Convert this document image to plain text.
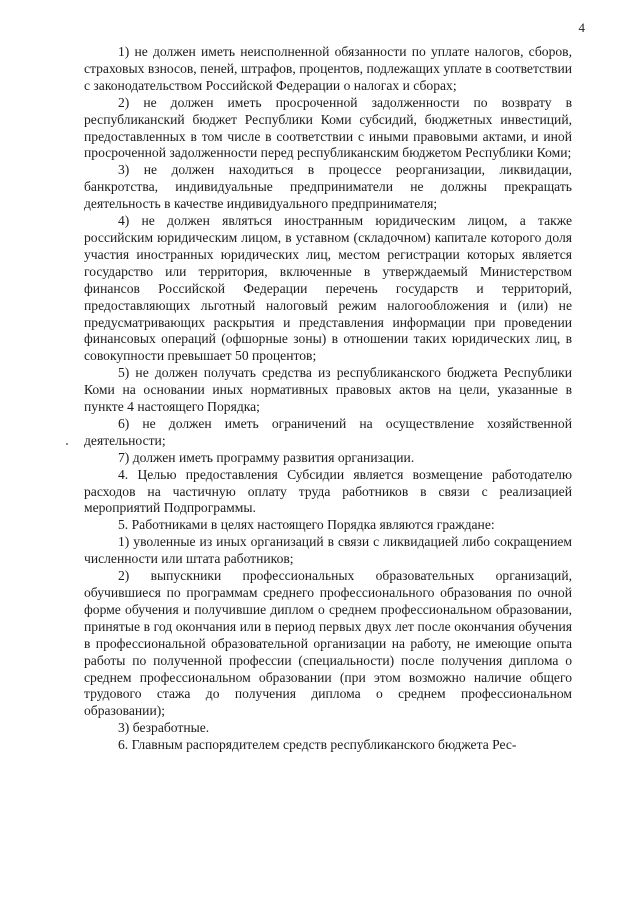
4

1) не должен иметь неисполненной обязанности по уплате налогов, сборов, страховых взносов, пеней, штрафов, процентов, подлежащих уплате в соответствии с законодательством Российской Федерации о налогах и сборах;

2) не должен иметь просроченной задолженности по возврату в республиканский бюджет Республики Коми субсидий, бюджетных инвестиций, предоставленных в том числе в соответствии с иными правовыми актами, и иной просроченной задолженности перед республиканским бюджетом Республики Коми;

3) не должен находиться в процессе реорганизации, ликвидации, банкротства, индивидуальные предприниматели не должны прекращать деятельность в качестве индивидуального предпринимателя;

4) не должен являться иностранным юридическим лицом, а также российским юридическим лицом, в уставном (складочном) капитале которого доля участия иностранных юридических лиц, местом регистрации которых является государство или территория, включенные в утверждаемый Министерством финансов Российской Федерации перечень государств и территорий, предоставляющих льготный налоговый режим налогообложения и (или) не предусматривающих раскрытия и представления информации при проведении финансовых операций (офшорные зоны) в отношении таких юридических лиц, в совокупности превышает 50 процентов;

5) не должен получать средства из республиканского бюджета Республики Коми на основании иных нормативных правовых актов на цели, указанные в пункте 4 настоящего Порядка;

6) не должен иметь ограничений на осуществление хозяйственной деятельности;

7) должен иметь программу развития организации.

4. Целью предоставления Субсидии является возмещение работодателю расходов на частичную оплату труда работников в связи с реализацией мероприятий Подпрограммы.

5. Работниками в целях настоящего Порядка являются граждане:

1) уволенные из иных организаций в связи с ликвидацией либо сокращением численности или штата работников;

2) выпускники профессиональных образовательных организаций, обучившиеся по программам среднего профессионального образования по очной форме обучения и получившие диплом о среднем профессиональном образовании, принятые в год окончания или в период первых двух лет после окончания обучения в профессиональной образовательной организации на работу, не имеющие опыта работы по полученной профессии (специальности) после получения диплома о среднем профессиональном образовании (при этом возможно наличие общего трудового стажа до получения диплома о среднем профессиональном образовании);

3) безработные.

6. Главным распорядителем средств республиканского бюджета Рес-
